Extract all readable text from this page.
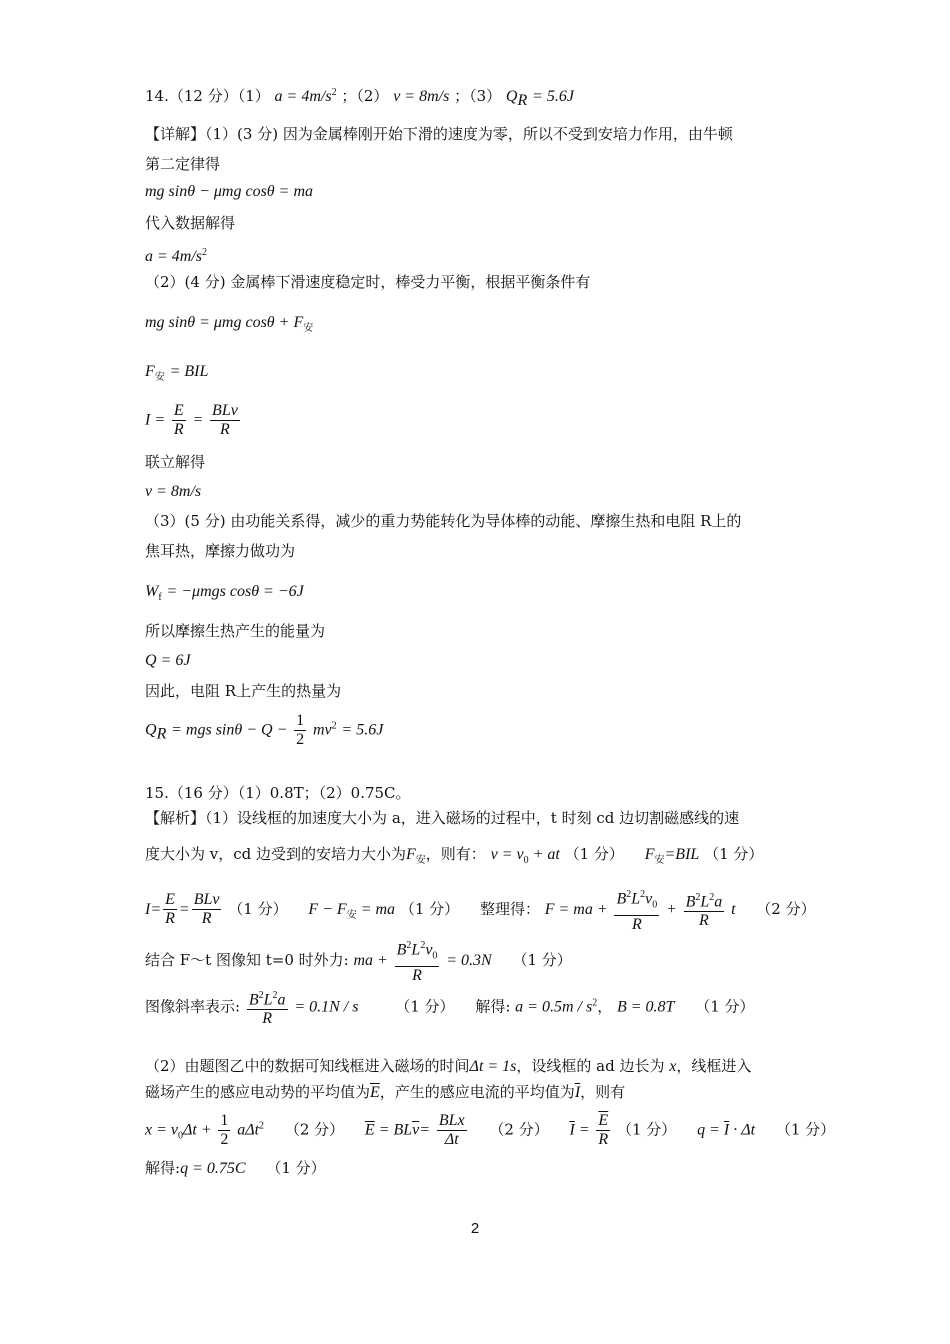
14.（12 分）（1） $a = 4m/s^2$ ；（2） v = 8m/s ；（3） $Q_R = 5.6J$
【详解】（1）(3 分) 因为金属棒刚开始下滑的速度为零，所以不受到安培力作用，由牛顿
第二定律得
mg sinθ − μmg cosθ = ma
代入数据解得
$a = 4m/s^2$
（2）(4 分) 金属棒下滑速度稳定时，棒受力平衡，根据平衡条件有
mg sinθ = μmg $\cos\theta + F_安$
$F_安$ = BIL
$I = \frac{E}{R} = \frac{\text{BLv}}{R}$
联立解得
v = 8m/s
（3）(5 分) 由功能关系得，减少的重力势能转化为导体棒的动能、摩擦生热和电阻 R上的
焦耳热，摩擦力做功为
$W_f = -\mu mgs$ cosθ = −6J
所以摩擦生热产生的能量为
Q = 6J
因此，电阻 R上产生的热量为
$Q_R$ = mgs $\sin\theta - Q - \frac{1}{2} mv^2 = 5.6J$
15.（16 分）（1）0.8T；（2）0.75C。
【解析】（1）设线框的加速度大小为 a，进入磁场的过程中，t 时刻 cd 边切割磁感线的速
度大小为 v，cd 边受到的安培力大小为$F_安$，则有： $v = v_0$ + at （1 分） $F_安=BIL$ （1 分）
$I= \frac{E}{R} = \frac{\text{BLv}}{R} (1$ 分） $F - F_安$ = ma （1 分） 整理得： F = ma + $\frac{B^2L^2v_0}{R} + \frac{B^2L^2a}{R}$ t （2 分）
结合 F～t 图像知 t=0 时外力: ma + $\frac{B^2L^2v_0}{R} = 0.3N$ （1 分）
图像斜率表示: $\frac{B^2L^2a}{R} = 0.1N / s$ （1 分） 解得: $a = 0.5m / s^2$， B = 0.8T （1 分）
（2）由题图乙中的数据可知线框进入磁场的时间Δt = 1s，设线框的 ad 边长为 x，线框进入
磁场产生的感应电动势的平均值为$\overline{E}$，产生的感应电流的平均值为$\overline{I}$，则有
$x = v_0\Delta t + \frac{1}{2} a\Delta t^2$ （2 分） $\overline{E} = BL\overline{v}= \frac{\text{BLx}}{\Delta t} (2$ 分） $\overline{I} = \frac{\overline{E}}{R} (1$ 分） $q = \overline{I} \cdot \Delta t$ （1 分）
解得:q = 0.75C （1 分）
2
